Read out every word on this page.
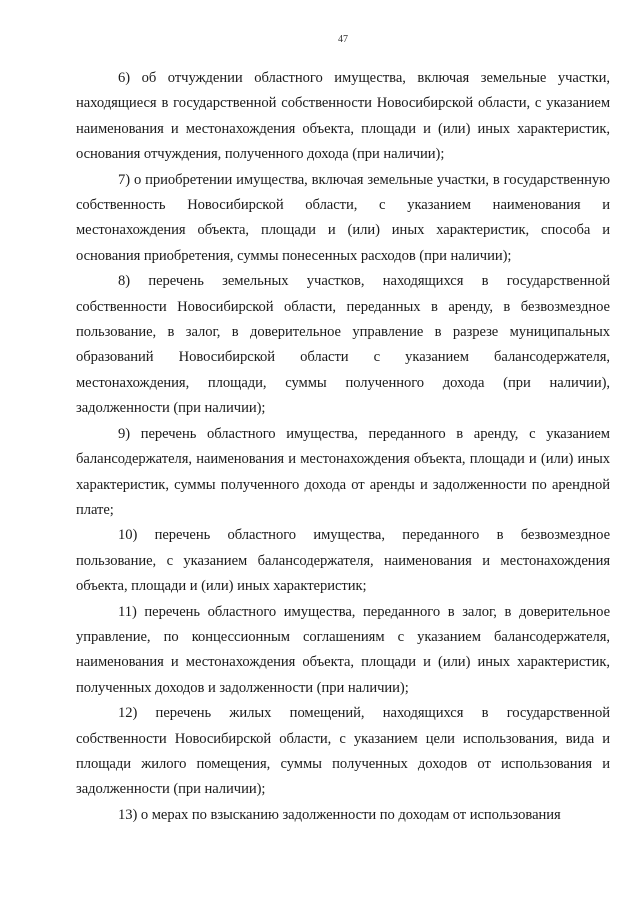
47

6) об отчуждении областного имущества, включая земельные участки, находящиеся в государственной собственности Новосибирской области, с указанием наименования и местонахождения объекта, площади и (или) иных характеристик, основания отчуждения, полученного дохода (при наличии);

7) о приобретении имущества, включая земельные участки, в государственную собственность Новосибирской области, с указанием наименования и местонахождения объекта, площади и (или) иных характеристик, способа и основания приобретения, суммы понесенных расходов (при наличии);

8) перечень земельных участков, находящихся в государственной собственности Новосибирской области, переданных в аренду, в безвозмездное пользование, в залог, в доверительное управление в разрезе муниципальных образований Новосибирской области с указанием балансодержателя, местонахождения, площади, суммы полученного дохода (при наличии), задолженности (при наличии);

9) перечень областного имущества, переданного в аренду, с указанием балансодержателя, наименования и местонахождения объекта, площади и (или) иных характеристик, суммы полученного дохода от аренды и задолженности по арендной плате;

10) перечень областного имущества, переданного в безвозмездное пользование, с указанием балансодержателя, наименования и местонахождения объекта, площади и (или) иных характеристик;

11) перечень областного имущества, переданного в залог, в доверительное управление, по концессионным соглашениям с указанием балансодержателя, наименования и местонахождения объекта, площади и (или) иных характеристик, полученных доходов и задолженности (при наличии);

12) перечень жилых помещений, находящихся в государственной собственности Новосибирской области, с указанием цели использования, вида и площади жилого помещения, суммы полученных доходов от использования и задолженности (при наличии);

13) о мерах по взысканию задолженности по доходам от использования
